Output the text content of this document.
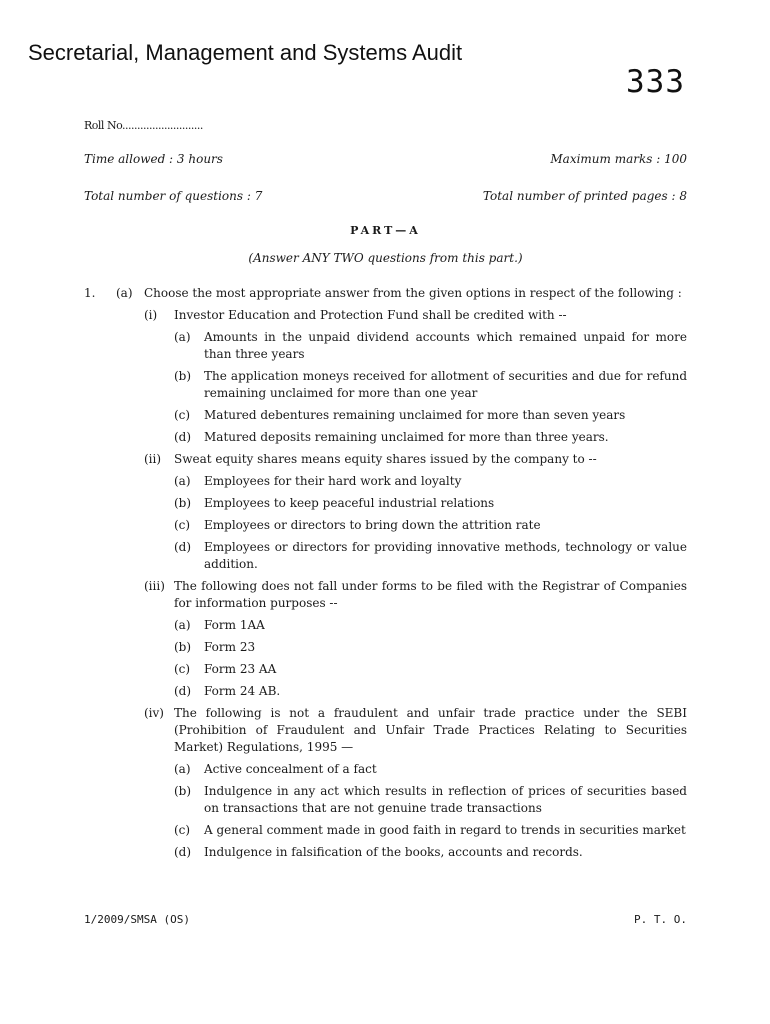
Secretarial, Management and Systems Audit
333
Roll No...........................
Time allowed : 3 hours	Maximum marks : 100
Total number of questions : 7	Total number of printed pages : 8
PART—A
(Answer ANY TWO questions from this part.)
1.	(a) Choose the most appropriate answer from the given options in respect of the following :
(i)	Investor Education and Protection Fund shall be credited with --
(a)	Amounts in the unpaid dividend accounts which remained unpaid for more than three years
(b)	The application moneys received for allotment of securities and due for refund remaining unclaimed for more than one year
(c)	Matured debentures remaining unclaimed for more than seven years
(d)	Matured deposits remaining unclaimed for more than three years.
(ii)	Sweat equity shares means equity shares issued by the company to --
(a)	Employees for their hard work and loyalty
(b)	Employees to keep peaceful industrial relations
(c)	Employees or directors to bring down the attrition rate
(d)	Employees or directors for providing innovative methods, technology or value addition.
(iii) The following does not fall under forms to be filed with the Registrar of Companies for information purposes --
(a)	Form 1AA
(b)	Form 23
(c)	Form 23 AA
(d)	Form 24 AB.
(iv) The following is not a fraudulent and unfair trade practice under the SEBI (Prohibition of Fraudulent and Unfair Trade Practices Relating to Securities Market) Regulations, 1995 —
(a)	Active concealment of a fact
(b)	Indulgence in any act which results in reflection of prices of securities based on transactions that are not genuine trade transactions
(c)	A general comment made in good faith in regard to trends in securities market
(d)	Indulgence in falsification of the books, accounts and records.
1/2009/SMSA (OS)	P. T. O.
